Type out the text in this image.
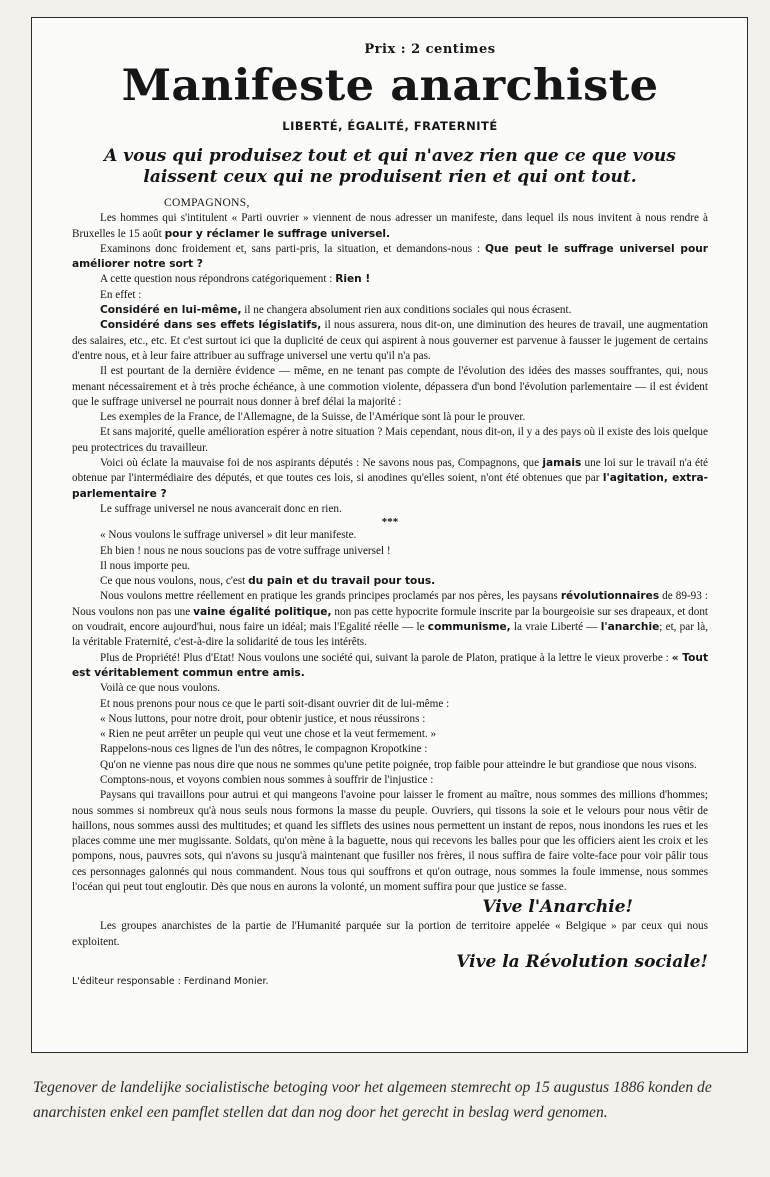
Prix : 2 centimes
Manifeste anarchiste
LIBERTÉ, ÉGALITÉ, FRATERNITÉ
A vous qui produisez tout et qui n'avez rien que ce que vous laissent ceux qui ne produisent rien et qui ont tout.

COMPAGNONS,

Les hommes qui s'intitulent « Parti ouvrier » viennent de nous adresser un manifeste, dans lequel ils nous invitent à nous rendre à Bruxelles le 15 août pour y réclamer le suffrage universel.

Examinons donc froidement et, sans parti-pris, la situation, et demandons-nous : Que peut le suffrage universel pour améliorer notre sort ?

A cette question nous répondrons catégoriquement : Rien !

En effet :

Considéré en lui-même, il ne changera absolument rien aux conditions sociales qui nous écrasent.

Considéré dans ses effets législatifs, il nous assurera, nous dit-on, une diminution des heures de travail, une augmentation des salaires, etc., etc. Et c'est surtout ici que la duplicité de ceux qui aspirent à nous gouverner est parvenue à fausser le jugement de certains d'entre nous, et à leur faire attribuer au suffrage universel une vertu qu'il n'a pas.

Il est pourtant de la dernière évidence — même, en ne tenant pas compte de l'évolution des idées des masses souffrantes, qui, nous menant nécessairement et à très proche échéance, à une commotion violente, dépassera d'un bond l'évolution parlementaire — il est évident que le suffrage universel ne pourrait nous donner à bref délai la majorité :

Les exemples de la France, de l'Allemagne, de la Suisse, de l'Amérique sont là pour le prouver.

Et sans majorité, quelle amélioration espérer à notre situation ? Mais cependant, nous dit-on, il y a des pays où il existe des lois quelque peu protectrices du travailleur.

Voici où éclate la mauvaise foi de nos aspirants députés : Ne savons nous pas, Compagnons, que jamais une loi sur le travail n'a été obtenue par l'intermédiaire des députés, et que toutes ces lois, si anodines qu'elles soient, n'ont été obtenues que par l'agitation, extra-parlementaire ?

Le suffrage universel ne nous avancerait donc en rien.

***

« Nous voulons le suffrage universel » dit leur manifeste.

Eh bien ! nous ne nous soucions pas de votre suffrage universel !

Il nous importe peu.

Ce que nous voulons, nous, c'est du pain et du travail pour tous.

Nous voulons mettre réellement en pratique les grands principes proclamés par nos pères, les paysans révolutionnaires de 89-93 : Nous voulons non pas une vaine égalité politique, non pas cette hypocrite formule inscrite par la bourgeoisie sur ses drapeaux, et dont on voudrait, encore aujourd'hui, nous faire un idéal; mais l'Egalité réelle — le communisme, la vraie Liberté — l'anarchie; et, par là, la véritable Fraternité, c'est-à-dire la solidarité de tous les intérêts.

Plus de Propriété! Plus d'Etat! Nous voulons une société qui, suivant la parole de Platon, pratique à la lettre le vieux proverbe : « Tout est véritablement commun entre amis.

Voilà ce que nous voulons.

Et nous prenons pour nous ce que le parti soit-disant ouvrier dit de lui-même :

« Nous luttons, pour notre droit, pour obtenir justice, et nous réussirons :

« Rien ne peut arrêter un peuple qui veut une chose et la veut fermement. »

Rappelons-nous ces lignes de l'un des nôtres, le compagnon Kropotkine :

Qu'on ne vienne pas nous dire que nous ne sommes qu'une petite poignée, trop faible pour atteindre le but grandiose que nous visons.

Comptons-nous, et voyons combien nous sommes à souffrir de l'injustice :

Paysans qui travaillons pour autrui et qui mangeons l'avoine pour laisser le froment au maître, nous sommes des millions d'hommes; nous sommes si nombreux qu'à nous seuls nous formons la masse du peuple. Ouvriers, qui tissons la soie et le velours pour nous vêtir de haillons, nous sommes aussi des multitudes; et quand les sifflets des usines nous permettent un instant de repos, nous inondons les rues et les places comme une mer mugissante. Soldats, qu'on mène à la baguette, nous qui recevons les balles pour que les officiers aient les croix et les pompons, nous, pauvres sots, qui n'avons su jusqu'à maintenant que fusiller nos frères, il nous suffira de faire volte-face pour voir pâlir tous ces personnages galonnés qui nous commandent. Nous tous qui souffrons et qu'on outrage, nous sommes la foule immense, nous sommes l'océan qui peut tout engloutir. Dès que nous en aurons la volonté, un moment suffira pour que justice se fasse.

Vive l'Anarchie!

Les groupes anarchistes de la partie de l'Humanité parquée sur la portion de territoire appelée « Belgique » par ceux qui nous exploitent.

Vive la Révolution sociale!

L'éditeur responsable : Ferdinand Monier.

Tegenover de landelijke socialistische betoging voor het algemeen stemrecht op 15 augustus 1886 konden de anarchisten enkel een pamflet stellen dat dan nog door het gerecht in beslag werd genomen.
